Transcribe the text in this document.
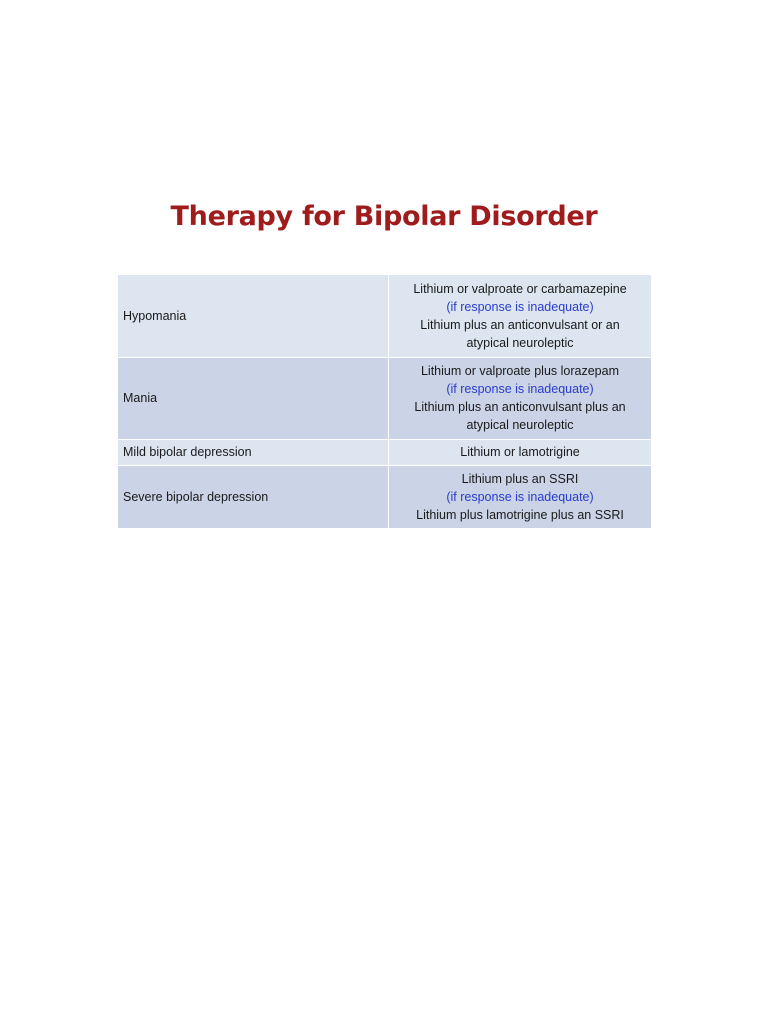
Therapy for Bipolar Disorder
Hypomania	Lithium or valproate or carbamazepine
(if response is inadequate)
Lithium plus an anticonvulsant or an
atypical neuroleptic

Mania	Lithium or valproate plus lorazepam
(if response is inadequate)
Lithium plus an anticonvulsant plus an
atypical neuroleptic

Mild bipolar depression	Lithium or lamotrigine

Severe bipolar depression	Lithium plus an SSRI
(if response is inadequate)
Lithium plus lamotrigine plus an SSRI
